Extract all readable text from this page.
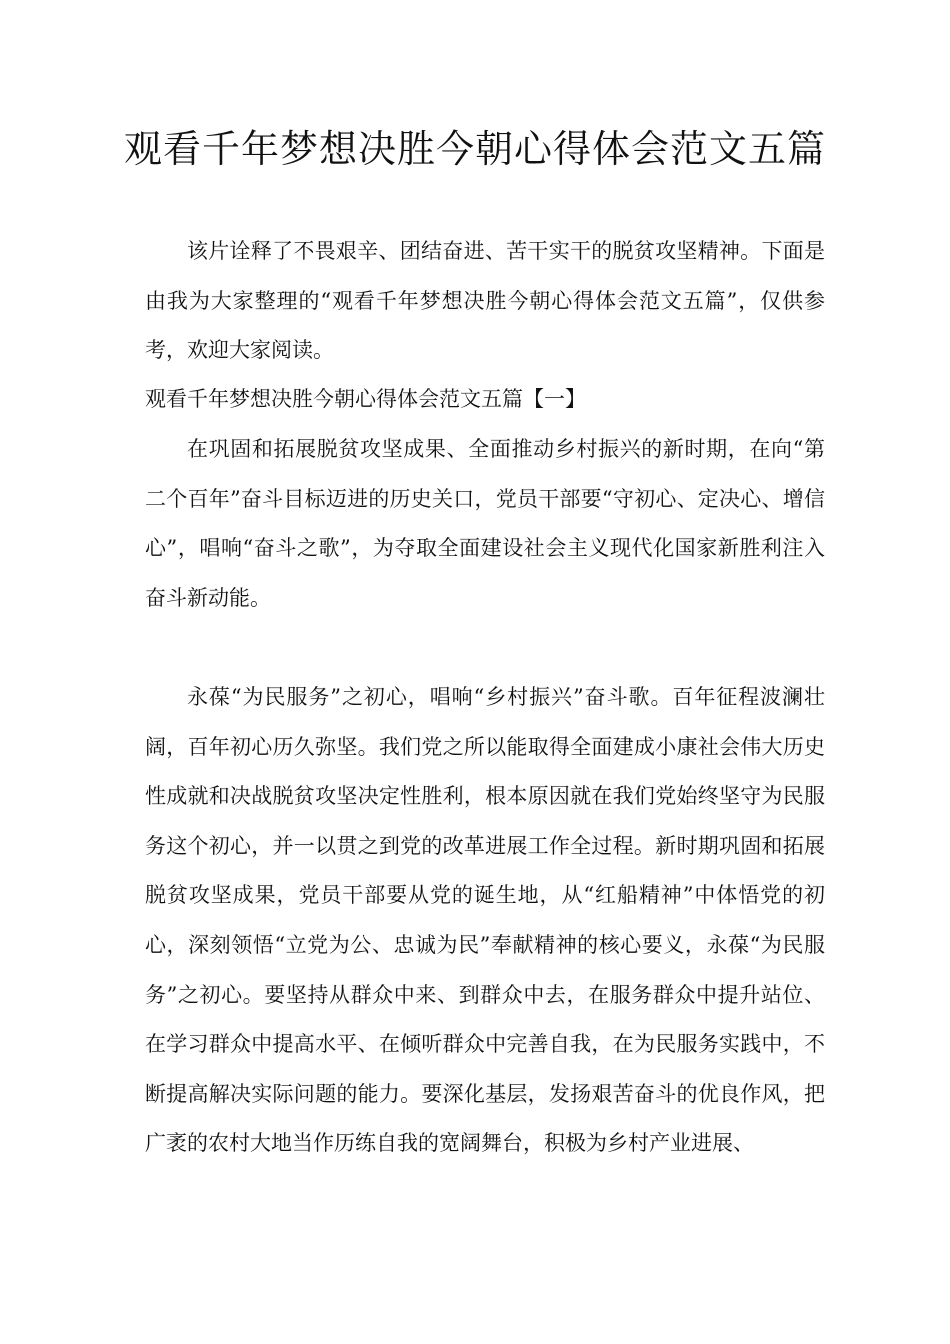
观看千年梦想决胜今朝心得体会范文五篇

该片诠释了不畏艰辛、团结奋进、苦干实干的脱贫攻坚精神。下面是由我为大家整理的“观看千年梦想决胜今朝心得体会范文五篇”，仅供参考，欢迎大家阅读。

观看千年梦想决胜今朝心得体会范文五篇【一】

在巩固和拓展脱贫攻坚成果、全面推动乡村振兴的新时期，在向“第二个百年”奋斗目标迈进的历史关口，党员干部要“守初心、定决心、增信心”，唱响“奋斗之歌”，为夺取全面建设社会主义现代化国家新胜利注入奋斗新动能。

永葆“为民服务”之初心，唱响“乡村振兴”奋斗歌。百年征程波澜壮阔，百年初心历久弥坚。我们党之所以能取得全面建成小康社会伟大历史性成就和决战脱贫攻坚决定性胜利，根本原因就在我们党始终坚守为民服务这个初心，并一以贯之到党的改革进展工作全过程。新时期巩固和拓展脱贫攻坚成果，党员干部要从党的诞生地，从“红船精神”中体悟党的初心，深刻领悟“立党为公、忠诚为民”奉献精神的核心要义，永葆“为民服务”之初心。要坚持从群众中来、到群众中去，在服务群众中提升站位、在学习群众中提高水平、在倾听群众中完善自我，在为民服务实践中，不断提高解决实际问题的能力。要深化基层，发扬艰苦奋斗的优良作风，把广袤的农村大地当作历练自我的宽阔舞台，积极为乡村产业进展、
